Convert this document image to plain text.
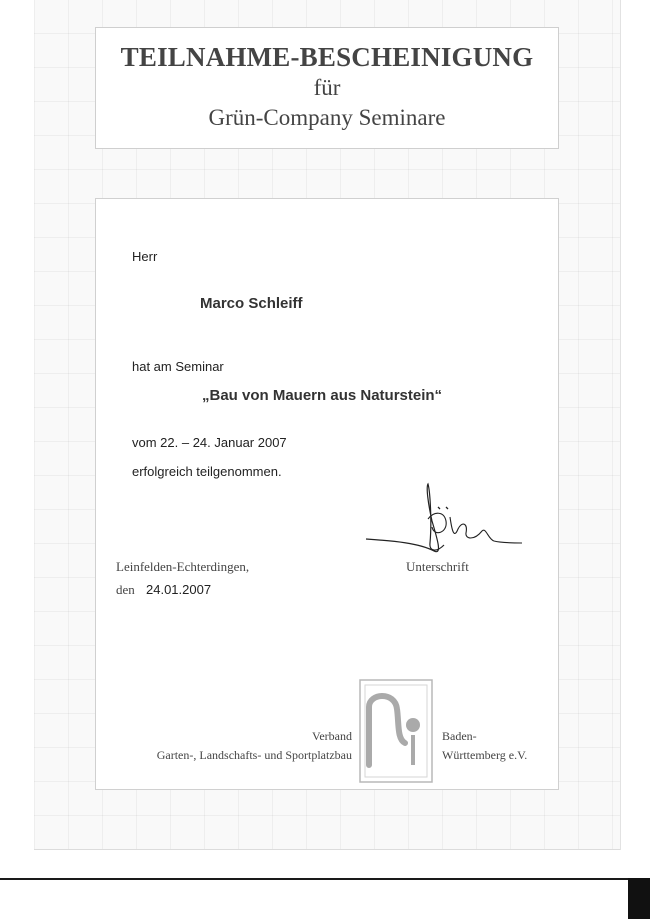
TEILNAHME-BESCHEINIGUNG
für
Grün-Company Seminare
Herr
Marco Schleiff
hat am Seminar
„Bau von Mauern aus Naturstein“
vom 22. – 24. Januar 2007
erfolgreich teilgenommen.
Leinfelden-Echterdingen,
den 24.01.2007
Unterschrift
Verband
Garten-, Landschafts- und Sportplatzbau
Baden-
Württemberg e.V.
